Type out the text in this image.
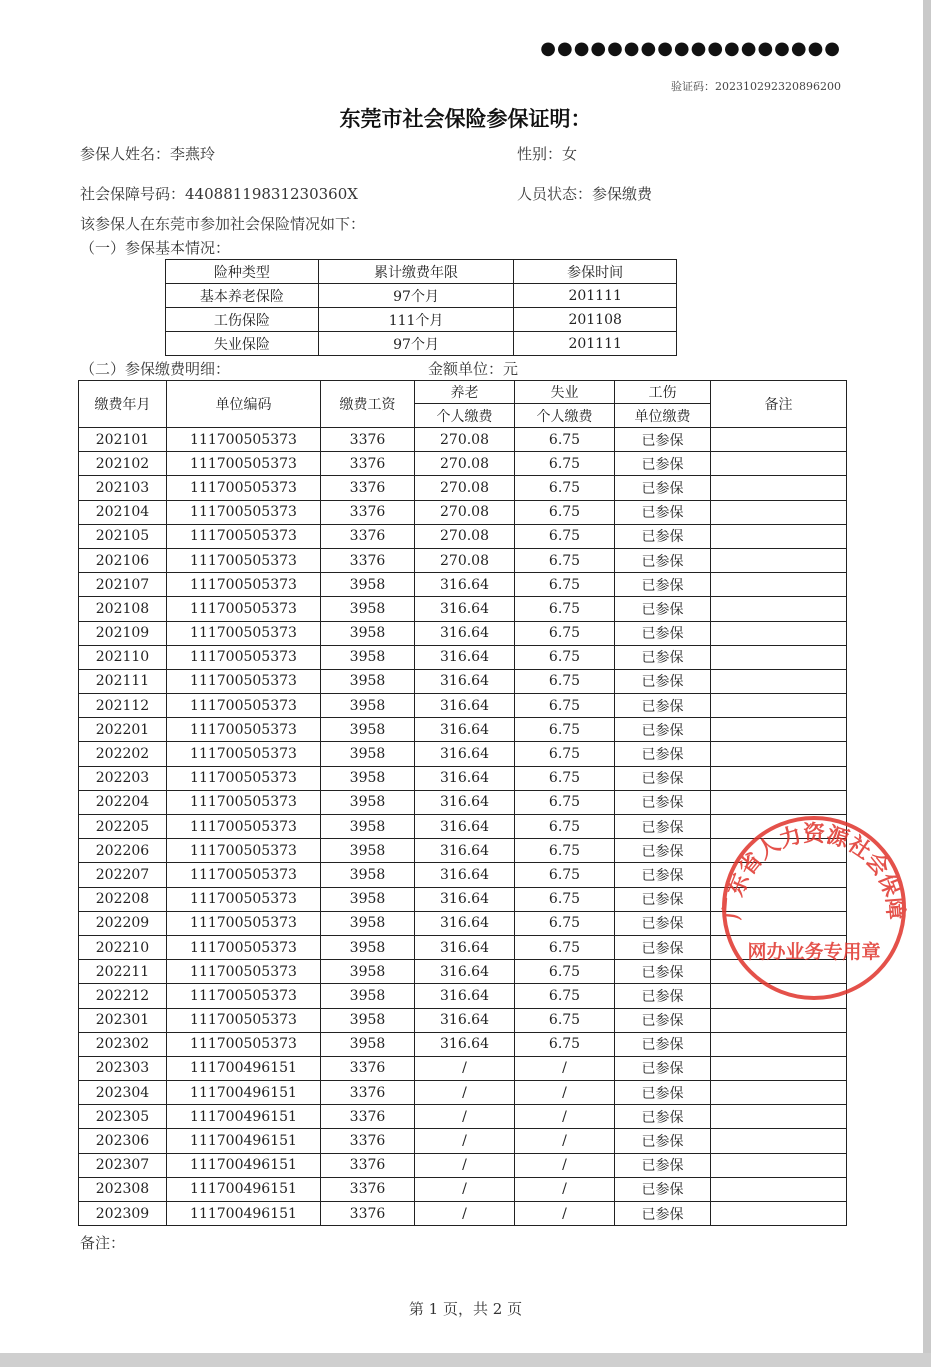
●●●●●●●●●●●●●●●●●●
验证码：2023102923208962​00
东莞市社会保险参保证明：
参保人姓名：李燕玲	性别：女
社会保障号码：44088119831230360X	人员状态：参保缴费
该参保人在东莞市参加社会保险情况如下：
（一）参保基本情况：
险种类型	累计缴费年限	参保时间
基本养老保险	97个月	201111
工伤保险	111个月	201108
失业保险	97个月	201111
（二）参保缴费明细：	金额单位：元
缴费年月	单位编码	缴费工资	养老	失业	工伤	备注
			个人缴费	个人缴费	单位缴费	
202101	111700505373	3376	270.08	6.75	已参保	
202102	111700505373	3376	270.08	6.75	已参保	
202103	111700505373	3376	270.08	6.75	已参保	
202104	111700505373	3376	270.08	6.75	已参保	
202105	111700505373	3376	270.08	6.75	已参保	
202106	111700505373	3376	270.08	6.75	已参保	
202107	111700505373	3958	316.64	6.75	已参保	
202108	111700505373	3958	316.64	6.75	已参保	
202109	111700505373	3958	316.64	6.75	已参保	
202110	111700505373	3958	316.64	6.75	已参保	
202111	111700505373	3958	316.64	6.75	已参保	
202112	111700505373	3958	316.64	6.75	已参保	
202201	111700505373	3958	316.64	6.75	已参保	
202202	111700505373	3958	316.64	6.75	已参保	
202203	111700505373	3958	316.64	6.75	已参保	
202204	111700505373	3958	316.64	6.75	已参保	
202205	111700505373	3958	316.64	6.75	已参保	
202206	111700505373	3958	316.64	6.75	已参保	
202207	111700505373	3958	316.64	6.75	已参保	
202208	111700505373	3958	316.64	6.75	已参保	
202209	111700505373	3958	316.64	6.75	已参保	
202210	111700505373	3958	316.64	6.75	已参保	
202211	111700505373	3958	316.64	6.75	已参保	
202212	111700505373	3958	316.64	6.75	已参保	
202301	111700505373	3958	316.64	6.75	已参保	
202302	111700505373	3958	316.64	6.75	已参保	
202303	111700496151	3376	/	/	已参保	
202304	111700496151	3376	/	/	已参保	
202305	111700496151	3376	/	/	已参保	
202306	111700496151	3376	/	/	已参保	
202307	111700496151	3376	/	/	已参保	
202308	111700496151	3376	/	/	已参保	
202309	111700496151	3376	/	/	已参保	
备注：
广东省人力资源社会保障
网办业务专用章
第 1 页，共 2 页
